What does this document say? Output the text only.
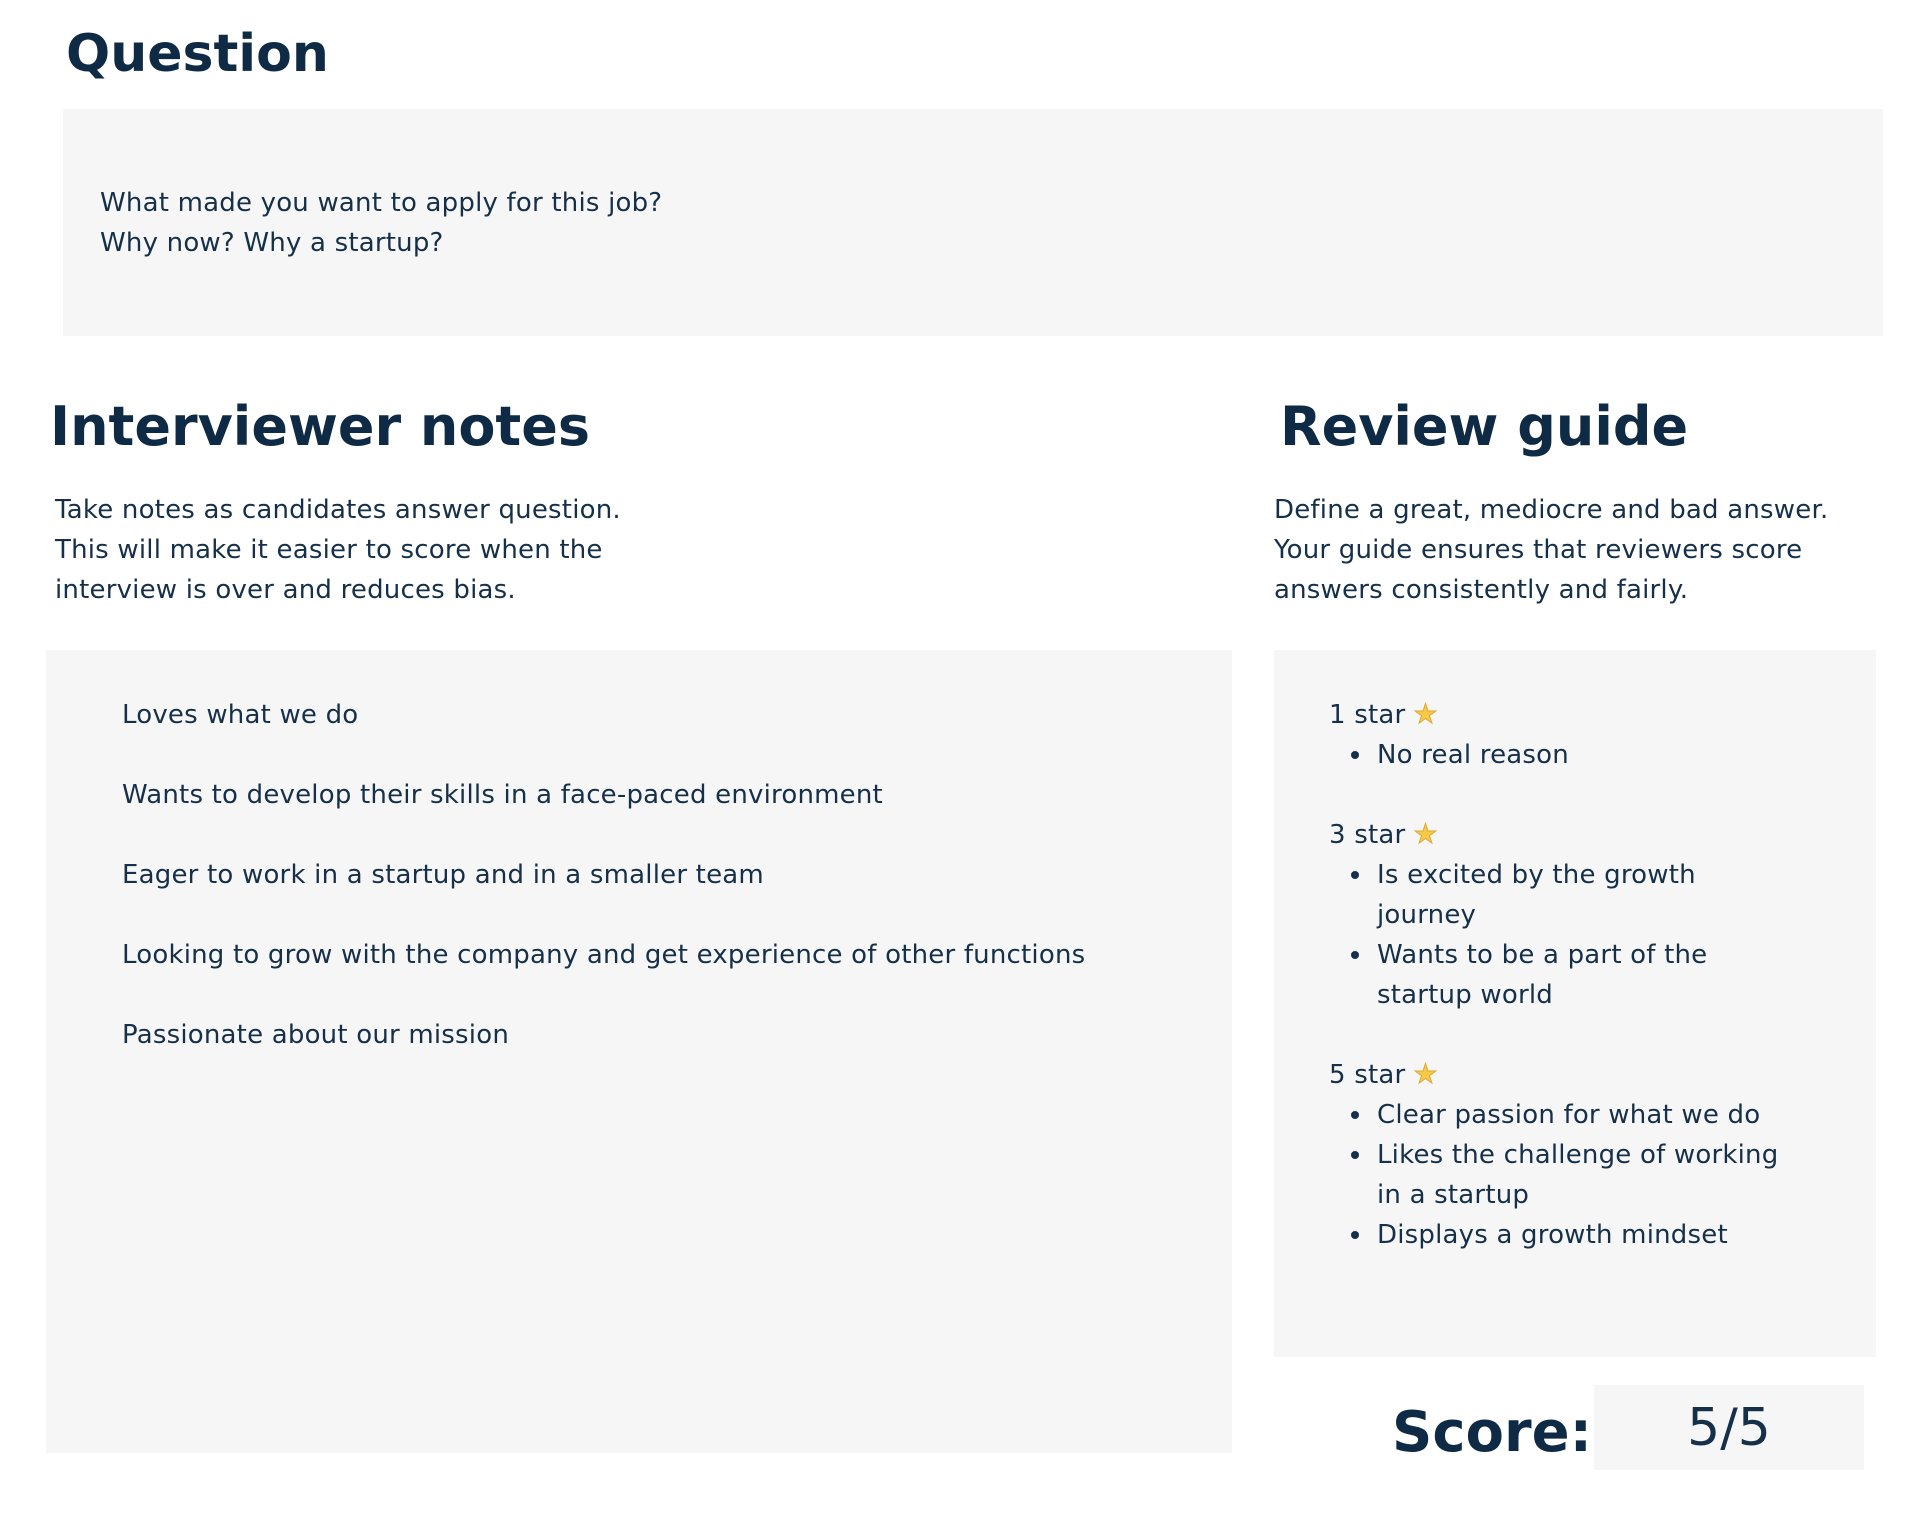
Question
What made you want to apply for this job?
Why now? Why a startup?
Interviewer notes
Take notes as candidates answer question.
This will make it easier to score when the
interview is over and reduces bias.
Loves what we do
Wants to develop their skills in a face-paced environment
Eager to work in a startup and in a smaller team
Looking to grow with the company and get experience of other functions
Passionate about our mission
Review guide
Define a great, mediocre and bad answer.
Your guide ensures that reviewers score
answers consistently and fairly.
1 star ★
No real reason
3 star ★
Is excited by the growth journey
Wants to be a part of the startup world
5 star ★
Clear passion for what we do
Likes the challenge of working in a startup
Displays a growth mindset
Score:	5/5
